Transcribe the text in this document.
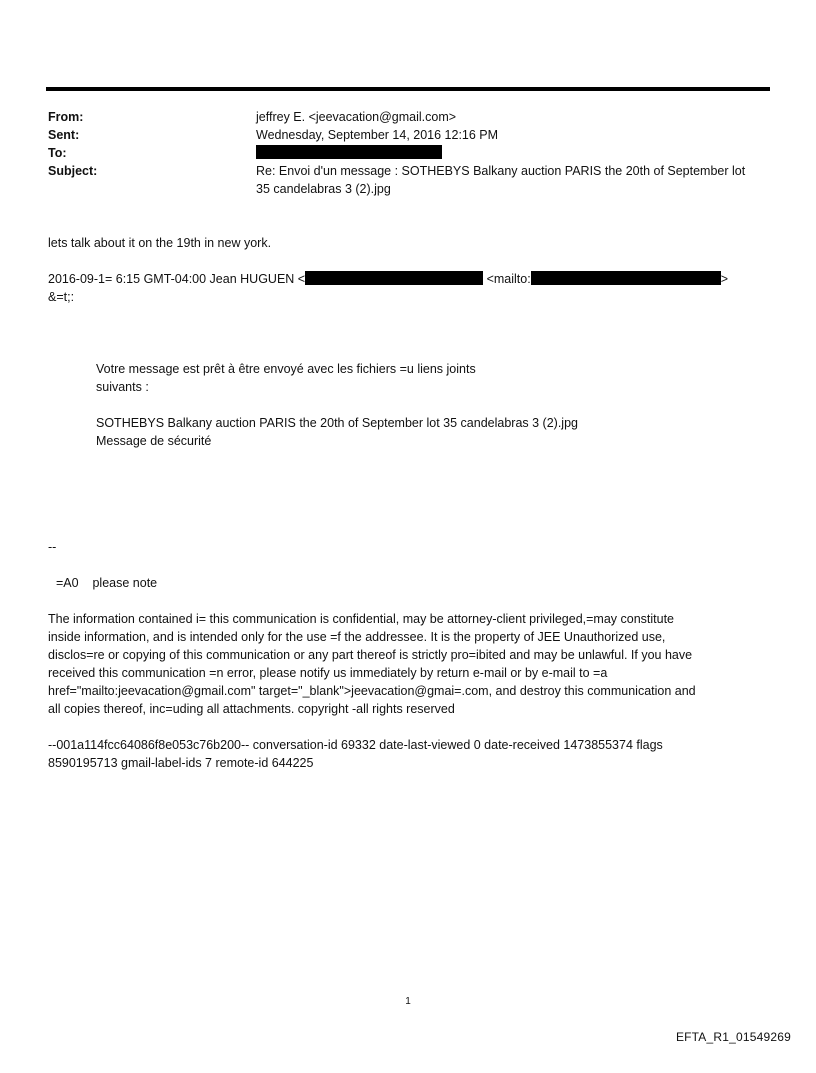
From:	jeffrey E. <jeevacation@gmail.com>
Sent:	Wednesday, September 14, 2016 12:16 PM
To:
Subject:	Re: Envoi d'un message : SOTHEBYS Balkany auction PARIS the 20th of September lot
35 candelabras 3 (2).jpg
lets talk about it on the 19th in new york.
2016-09-1= 6:15 GMT-04:00 Jean HUGUEN <	<mailto:	>
&=t;:
Votre message est prêt à être envoyé avec les fichiers =u liens joints
suivants :
SOTHEBYS Balkany auction PARIS the 20th of September lot 35 candelabras 3 (2).jpg
Message de sécurité
--
=A0    please note
The information contained i= this communication is confidential, may be attorney-client privileged,=may constitute
inside information, and is intended only for the use =f the addressee. It is the property of JEE Unauthorized use,
disclos=re or copying of this communication or any part thereof is strictly pro=ibited and may be unlawful. If you have
received this communication =n error, please notify us immediately by return e-mail or by e-mail to =a
href="mailto:jeevacation@gmail.com" target="_blank">jeevacation@gmai=.com, and destroy this communication and
all copies thereof, inc=uding all attachments. copyright -all rights reserved
--001a114fcc64086f8e053c76b200-- conversation-id 69332 date-last-viewed 0 date-received 1473855374 flags
8590195713 gmail-label-ids 7 remote-id 644225
1
EFTA_R1_01549269
